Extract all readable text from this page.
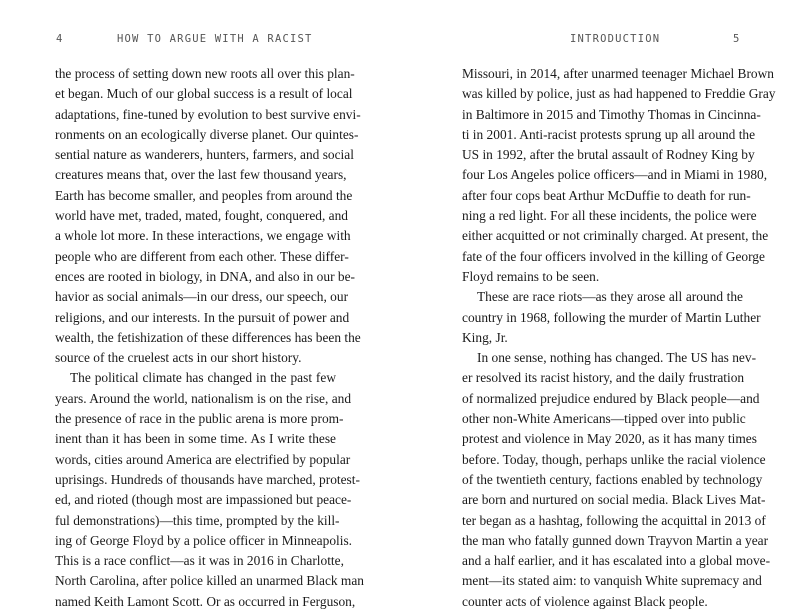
4	HOW TO ARGUE WITH A RACIST
the process of setting down new roots all over this plan-
et began. Much of our global success is a result of local
adaptations, fine-tuned by evolution to best survive envi-
ronments on an ecologically diverse planet. Our quintes-
sential nature as wanderers, hunters, farmers, and social
creatures means that, over the last few thousand years,
Earth has become smaller, and peoples from around the
world have met, traded, mated, fought, conquered, and
a whole lot more. In these interactions, we engage with
people who are different from each other. These differ-
ences are rooted in biology, in DNA, and also in our be-
havior as social animals—in our dress, our speech, our
religions, and our interests. In the pursuit of power and
wealth, the fetishization of these differences has been the
source of the cruelest acts in our short history.
The political climate has changed in the past few
years. Around the world, nationalism is on the rise, and
the presence of race in the public arena is more prom-
inent than it has been in some time. As I write these
words, cities around America are electrified by popular
uprisings. Hundreds of thousands have marched, protest-
ed, and rioted (though most are impassioned but peace-
ful demonstrations)—this time, prompted by the kill-
ing of George Floyd by a police officer in Minneapolis.
This is a race conflict—as it was in 2016 in Charlotte,
North Carolina, after police killed an unarmed Black man
named Keith Lamont Scott. Or as occurred in Ferguson,
INTRODUCTION	5
Missouri, in 2014, after unarmed teenager Michael Brown
was killed by police, just as had happened to Freddie Gray
in Baltimore in 2015 and Timothy Thomas in Cincinna-
ti in 2001. Anti-racist protests sprung up all around the
US in 1992, after the brutal assault of Rodney King by
four Los Angeles police officers—and in Miami in 1980,
after four cops beat Arthur McDuffie to death for run-
ning a red light. For all these incidents, the police were
either acquitted or not criminally charged. At present, the
fate of the four officers involved in the killing of George
Floyd remains to be seen.
These are race riots—as they arose all around the
country in 1968, following the murder of Martin Luther
King, Jr.
In one sense, nothing has changed. The US has nev-
er resolved its racist history, and the daily frustration
of normalized prejudice endured by Black people—and
other non-White Americans—tipped over into public
protest and violence in May 2020, as it has many times
before. Today, though, perhaps unlike the racial violence
of the twentieth century, factions enabled by technology
are born and nurtured on social media. Black Lives Mat-
ter began as a hashtag, following the acquittal in 2013 of
the man who fatally gunned down Trayvon Martin a year
and a half earlier, and it has escalated into a global move-
ment—its stated aim: to vanquish White supremacy and
counter acts of violence against Black people.
